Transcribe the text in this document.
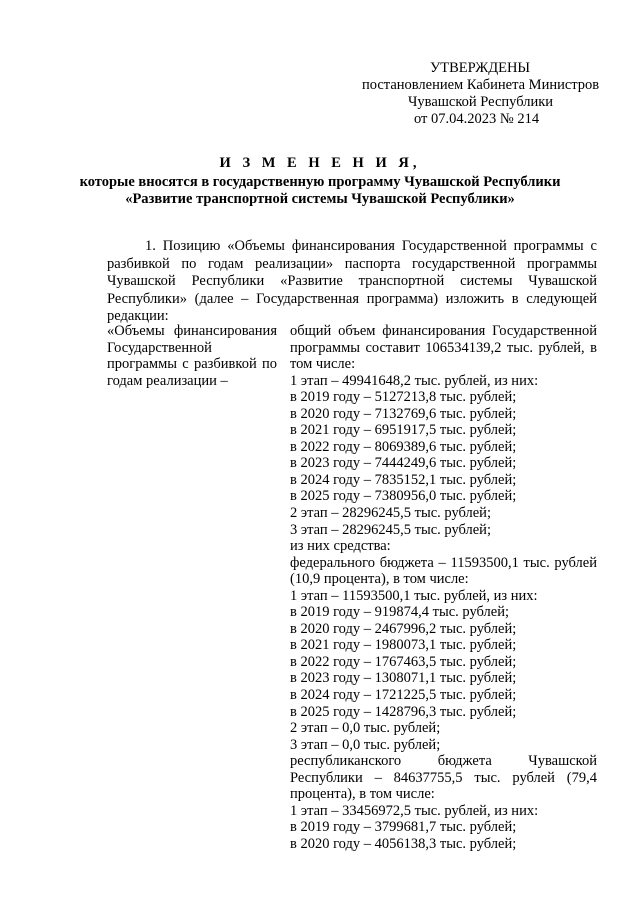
УТВЕРЖДЕНЫ
постановлением Кабинета Министров
Чувашской Республики
от 07.04.2023 № 214
И З М Е Н Е Н И Я,
которые вносятся в государственную программу Чувашской Республики
«Развитие транспортной системы Чувашской Республики»
1. Позицию «Объемы финансирования Государственной программы с разбивкой по годам реализации» паспорта государственной программы Чувашской Республики «Развитие транспортной системы Чувашской Республики» (далее – Государственная программа) изложить в следующей редакции:
«Объемы финансирования Государственной программы с разбивкой по годам реализации –
общий объем финансирования Государственной программы составит 106534139,2 тыс. рублей, в том числе:
1 этап – 49941648,2 тыс. рублей, из них:
в 2019 году – 5127213,8 тыс. рублей;
в 2020 году – 7132769,6 тыс. рублей;
в 2021 году – 6951917,5 тыс. рублей;
в 2022 году – 8069389,6 тыс. рублей;
в 2023 году – 7444249,6 тыс. рублей;
в 2024 году – 7835152,1 тыс. рублей;
в 2025 году – 7380956,0 тыс. рублей;
2 этап – 28296245,5 тыс. рублей;
3 этап – 28296245,5 тыс. рублей;
из них средства:
федерального бюджета – 11593500,1 тыс. рублей (10,9 процента), в том числе:
1 этап – 11593500,1 тыс. рублей, из них:
в 2019 году – 919874,4 тыс. рублей;
в 2020 году – 2467996,2 тыс. рублей;
в 2021 году – 1980073,1 тыс. рублей;
в 2022 году – 1767463,5 тыс. рублей;
в 2023 году – 1308071,1 тыс. рублей;
в 2024 году – 1721225,5 тыс. рублей;
в 2025 году – 1428796,3 тыс. рублей;
2 этап – 0,0 тыс. рублей;
3 этап – 0,0 тыс. рублей;
республиканского бюджета Чувашской Республики – 84637755,5 тыс. рублей (79,4 процента), в том числе:
1 этап – 33456972,5 тыс. рублей, из них:
в 2019 году – 3799681,7 тыс. рублей;
в 2020 году – 4056138,3 тыс. рублей;
